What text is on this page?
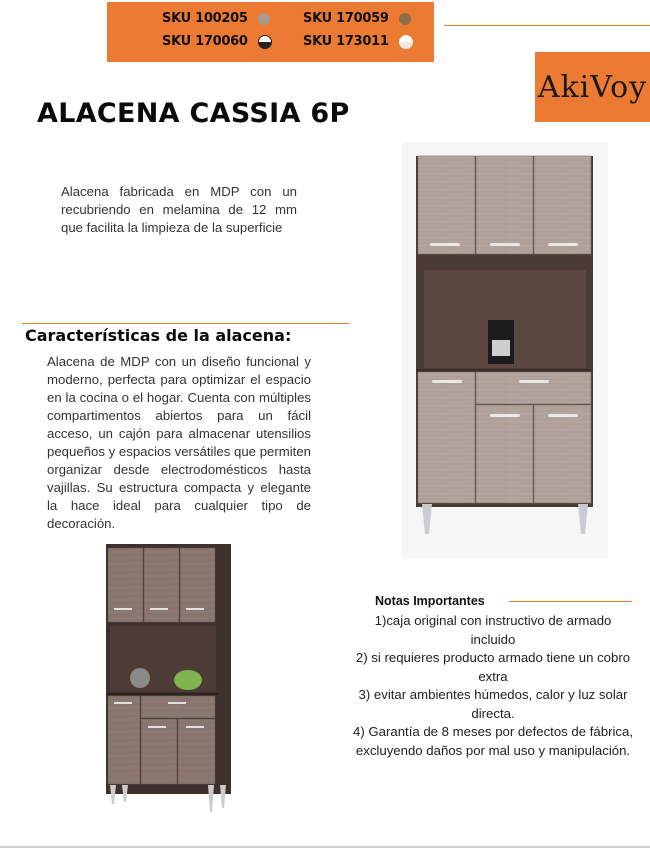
SKU 100205	SKU 170059
SKU 170060	SKU 173011
AkiVoy
ALACENA CASSIA 6P

Alacena fabricada en MDP con un recubriendo en melamina de 12 mm que facilita la limpieza de la superficie

Características de la alacena:

Alacena de MDP con un diseño funcional y moderno, perfecta para optimizar el espacio en la cocina o el hogar. Cuenta con múltiples compartimentos abiertos para un fácil acceso, un cajón para almacenar utensilios pequeños y espacios versátiles que permiten organizar desde electrodomésticos hasta vajillas. Su estructura compacta y elegante la hace ideal para cualquier tipo de decoración.

Notas Importantes
1)caja original con instructivo de armado incluido
2) si requieres producto armado tiene un cobro extra
3) evitar ambientes húmedos, calor y luz solar directa.
4) Garantía de 8 meses por defectos de fábrica, excluyendo daños por mal uso y manipulación.
